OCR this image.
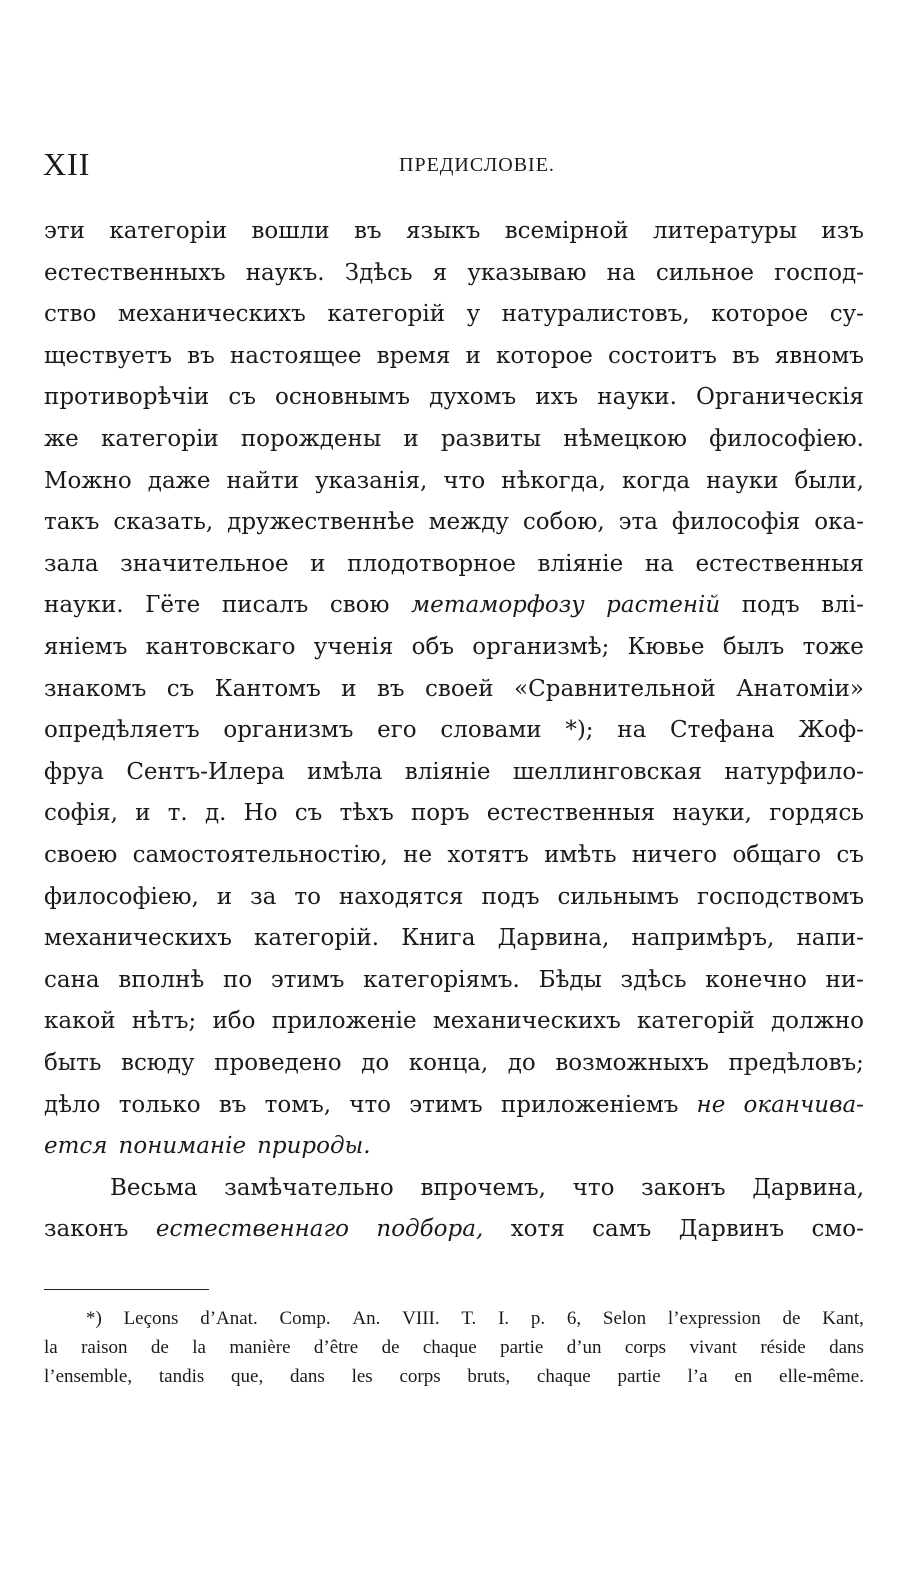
XII	ПРЕДИСЛОВІЕ.
эти категоріи вошли въ языкъ всемірной литературы изъ
естественныхъ наукъ. Здѣсь я указываю на сильное господ-
ство механическихъ категорій у натуралистовъ, которое су-
ществуетъ въ настоящее время и которое состоитъ въ явномъ
противорѣчіи съ основнымъ духомъ ихъ науки. Органическія
же категоріи порождены и развиты нѣмецкою философіею.
Можно даже найти указанія, что нѣкогда, когда науки были,
такъ сказать, дружественнѣе между собою, эта философія ока-
зала значительное и плодотворное вліяніе на естественныя
науки. Гёте писалъ свою метаморфозу растеній подъ влі-
яніемъ кантовскаго ученія объ организмѣ; Кювье былъ тоже
знакомъ съ Кантомъ и въ своей «Сравнительной Анатоміи»
опредѣляетъ организмъ его словами *); на Стефана Жоф-
фруа Сентъ-Илера имѣла вліяніе шеллинговская натурфило-
софія, и т. д. Но съ тѣхъ поръ естественныя науки, гордясь
своею самостоятельностію, не хотятъ имѣть ничего общаго съ
философіею, и за то находятся подъ сильнымъ господствомъ
механическихъ категорій. Книга Дарвина, напримѣръ, напи-
сана вполнѣ по этимъ категоріямъ. Бѣды здѣсь конечно ни-
какой нѣтъ; ибо приложеніе механическихъ категорій должно
быть всюду проведено до конца, до возможныхъ предѣловъ;
дѣло только въ томъ, что этимъ приложеніемъ не оканчива-
ется пониманіе природы.
Весьма замѣчательно впрочемъ, что законъ Дарвина,
законъ естественнаго подбора, хотя самъ Дарвинъ смо-
*) Leçons d’Anat. Comp. An. VIII. T. I. p. 6, Selon l’expression de Kant,
la raison de la manière d’être de chaque partie d’un corps vivant réside dans
l’ensemble, tandis que, dans les corps bruts, chaque partie l’a en elle-même.
